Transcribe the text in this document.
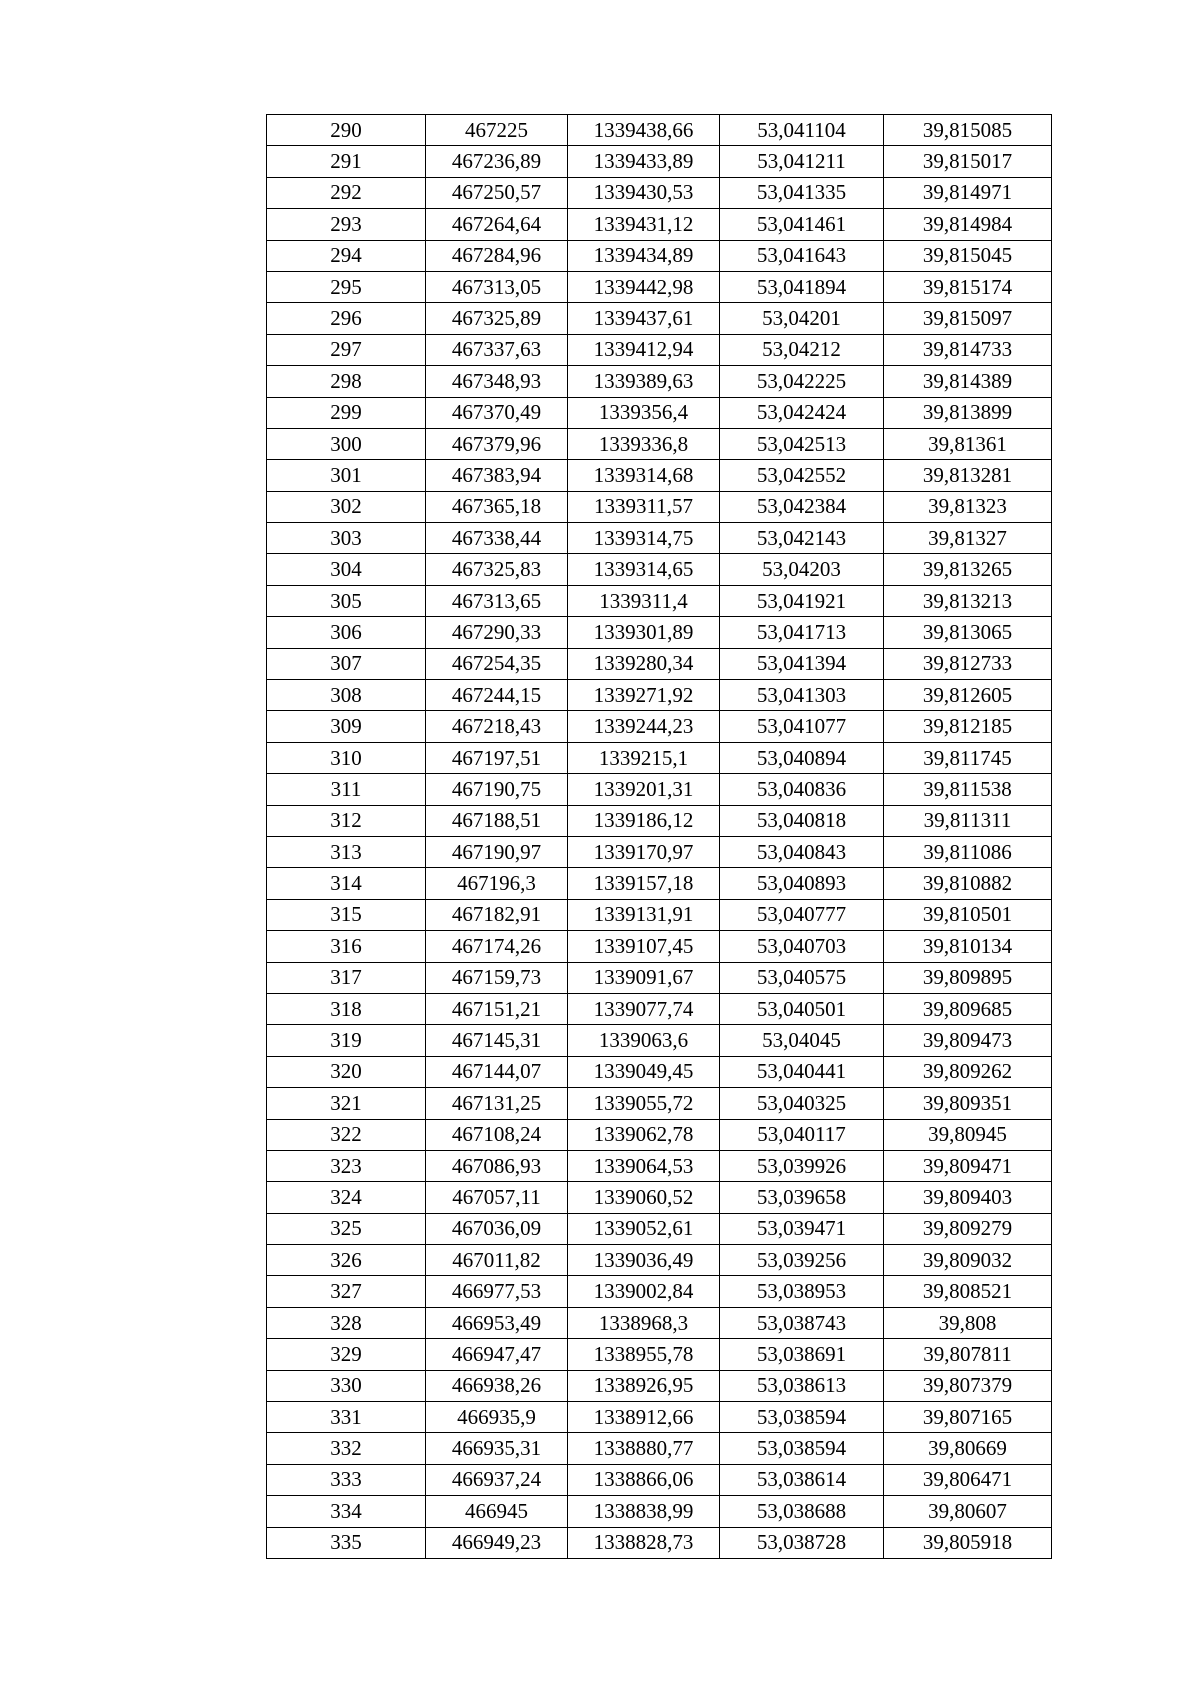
290	467225	1339438,66	53,041104	39,815085
291	467236,89	1339433,89	53,041211	39,815017
292	467250,57	1339430,53	53,041335	39,814971
293	467264,64	1339431,12	53,041461	39,814984
294	467284,96	1339434,89	53,041643	39,815045
295	467313,05	1339442,98	53,041894	39,815174
296	467325,89	1339437,61	53,04201	39,815097
297	467337,63	1339412,94	53,04212	39,814733
298	467348,93	1339389,63	53,042225	39,814389
299	467370,49	1339356,4	53,042424	39,813899
300	467379,96	1339336,8	53,042513	39,81361
301	467383,94	1339314,68	53,042552	39,813281
302	467365,18	1339311,57	53,042384	39,81323
303	467338,44	1339314,75	53,042143	39,81327
304	467325,83	1339314,65	53,04203	39,813265
305	467313,65	1339311,4	53,041921	39,813213
306	467290,33	1339301,89	53,041713	39,813065
307	467254,35	1339280,34	53,041394	39,812733
308	467244,15	1339271,92	53,041303	39,812605
309	467218,43	1339244,23	53,041077	39,812185
310	467197,51	1339215,1	53,040894	39,811745
311	467190,75	1339201,31	53,040836	39,811538
312	467188,51	1339186,12	53,040818	39,811311
313	467190,97	1339170,97	53,040843	39,811086
314	467196,3	1339157,18	53,040893	39,810882
315	467182,91	1339131,91	53,040777	39,810501
316	467174,26	1339107,45	53,040703	39,810134
317	467159,73	1339091,67	53,040575	39,809895
318	467151,21	1339077,74	53,040501	39,809685
319	467145,31	1339063,6	53,04045	39,809473
320	467144,07	1339049,45	53,040441	39,809262
321	467131,25	1339055,72	53,040325	39,809351
322	467108,24	1339062,78	53,040117	39,80945
323	467086,93	1339064,53	53,039926	39,809471
324	467057,11	1339060,52	53,039658	39,809403
325	467036,09	1339052,61	53,039471	39,809279
326	467011,82	1339036,49	53,039256	39,809032
327	466977,53	1339002,84	53,038953	39,808521
328	466953,49	1338968,3	53,038743	39,808
329	466947,47	1338955,78	53,038691	39,807811
330	466938,26	1338926,95	53,038613	39,807379
331	466935,9	1338912,66	53,038594	39,807165
332	466935,31	1338880,77	53,038594	39,80669
333	466937,24	1338866,06	53,038614	39,806471
334	466945	1338838,99	53,038688	39,80607
335	466949,23	1338828,73	53,038728	39,805918
